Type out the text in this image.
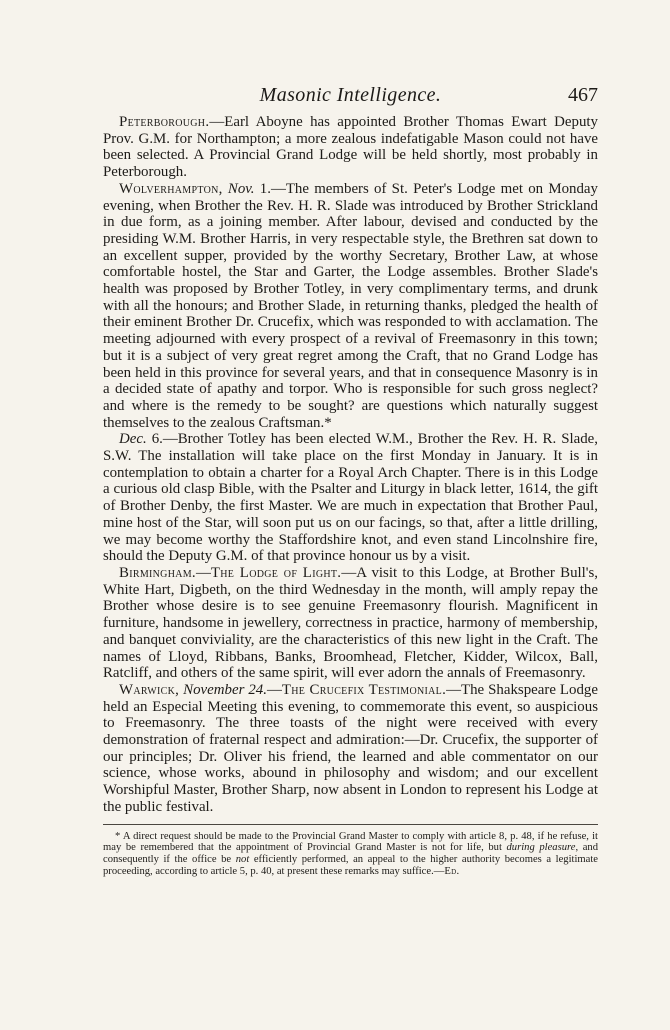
Masonic Intelligence.	467

Peterborough.—Earl Aboyne has appointed Brother Thomas Ewart Deputy Prov. G.M. for Northampton; a more zealous indefatigable Mason could not have been selected. A Provincial Grand Lodge will be held shortly, most probably in Peterborough.

Wolverhampton, Nov. 1.—The members of St. Peter's Lodge met on Monday evening, when Brother the Rev. H. R. Slade was introduced by Brother Strickland in due form, as a joining member. After labour, devised and conducted by the presiding W.M. Brother Harris, in very respectable style, the Brethren sat down to an excellent supper, provided by the worthy Secretary, Brother Law, at whose comfortable hostel, the Star and Garter, the Lodge assembles. Brother Slade's health was proposed by Brother Totley, in very complimentary terms, and drunk with all the honours; and Brother Slade, in returning thanks, pledged the health of their eminent Brother Dr. Crucefix, which was responded to with acclamation. The meeting adjourned with every prospect of a revival of Freemasonry in this town; but it is a subject of very great regret among the Craft, that no Grand Lodge has been held in this province for several years, and that in consequence Masonry is in a decided state of apathy and torpor. Who is responsible for such gross neglect? and where is the remedy to be sought? are questions which naturally suggest themselves to the zealous Craftsman.*

Dec. 6.—Brother Totley has been elected W.M., Brother the Rev. H. R. Slade, S.W. The installation will take place on the first Monday in January. It is in contemplation to obtain a charter for a Royal Arch Chapter. There is in this Lodge a curious old clasp Bible, with the Psalter and Liturgy in black letter, 1614, the gift of Brother Denby, the first Master. We are much in expectation that Brother Paul, mine host of the Star, will soon put us on our facings, so that, after a little drilling, we may become worthy the Staffordshire knot, and even stand Lincolnshire fire, should the Deputy G.M. of that province honour us by a visit.

Birmingham.—The Lodge of Light.—A visit to this Lodge, at Brother Bull's, White Hart, Digbeth, on the third Wednesday in the month, will amply repay the Brother whose desire is to see genuine Freemasonry flourish. Magnificent in furniture, handsome in jewellery, correctness in practice, harmony of membership, and banquet conviviality, are the characteristics of this new light in the Craft. The names of Lloyd, Ribbans, Banks, Broomhead, Fletcher, Kidder, Wilcox, Ball, Ratcliff, and others of the same spirit, will ever adorn the annals of Freemasonry.

Warwick, November 24.—The Crucefix Testimonial.—The Shakspeare Lodge held an Especial Meeting this evening, to commemorate this event, so auspicious to Freemasonry. The three toasts of the night were received with every demonstration of fraternal respect and admiration:—Dr. Crucefix, the supporter of our principles; Dr. Oliver his friend, the learned and able commentator on our science, whose works, abound in philosophy and wisdom; and our excellent Worshipful Master, Brother Sharp, now absent in London to represent his Lodge at the public festival.

* A direct request should be made to the Provincial Grand Master to comply with article 8, p. 48, if he refuse, it may be remembered that the appointment of Provincial Grand Master is not for life, but during pleasure, and consequently if the office be not efficiently performed, an appeal to the higher authority becomes a legitimate proceeding, according to article 5, p. 40, at present these remarks may suffice.—Ed.
